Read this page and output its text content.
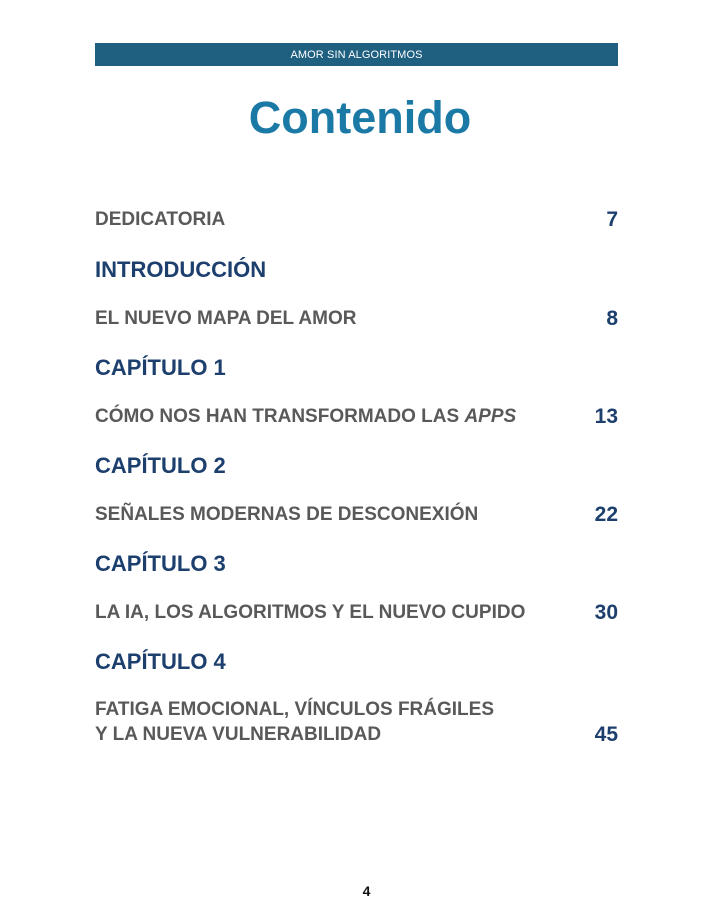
AMOR SIN ALGORITMOS
Contenido
DEDICATORIA	7
INTRODUCCIÓN
EL NUEVO MAPA DEL AMOR	8
CAPÍTULO 1
CÓMO NOS HAN TRANSFORMADO LAS APPS	13
CAPÍTULO 2
SEÑALES MODERNAS DE DESCONEXIÓN	22
CAPÍTULO 3
LA IA, LOS ALGORITMOS Y EL NUEVO CUPIDO	30
CAPÍTULO 4
FATIGA EMOCIONAL, VÍNCULOS FRÁGILES
Y LA NUEVA VULNERABILIDAD	45
4
